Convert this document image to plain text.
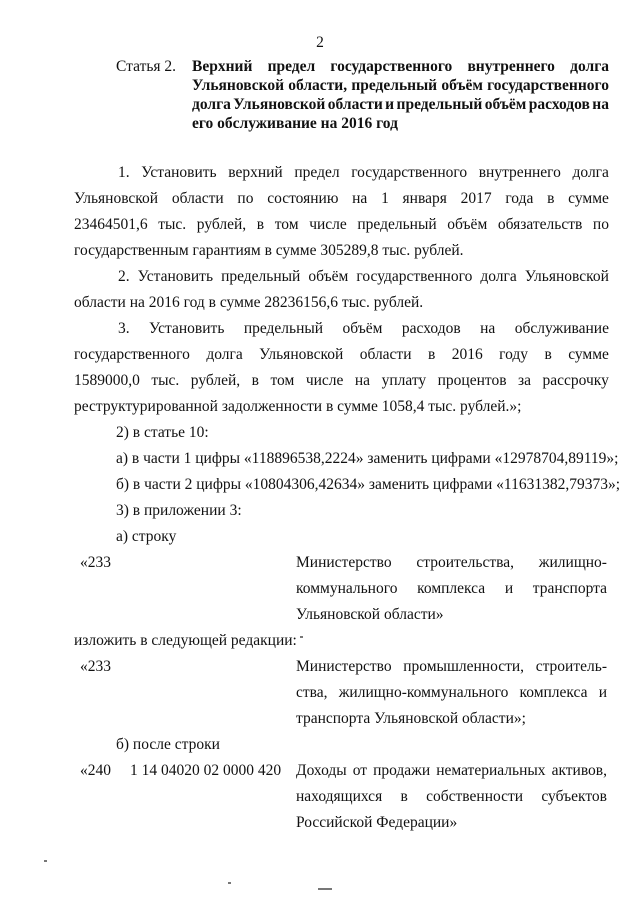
2
Статья 2. Верхний предел государственного внутреннего долга
Ульяновской области, предельный объём государственного
долга Ульяновской области и предельный объём расходов на
его обслуживание на 2016 год
1. Установить верхний предел государственного внутреннего долга
Ульяновской области по состоянию на 1 января 2017 года в сумме
23464501,6 тыс. рублей, в том числе предельный объём обязательств по
государственным гарантиям в сумме 305289,8 тыс. рублей.
2. Установить предельный объём государственного долга Ульяновской
области на 2016 год в сумме 28236156,6 тыс. рублей.
3. Установить предельный объём расходов на обслуживание
государственного долга Ульяновской области в 2016 году в сумме
1589000,0 тыс. рублей, в том числе на уплату процентов за рассрочку
реструктурированной задолженности в сумме 1058,4 тыс. рублей.»;
2) в статье 10:
а) в части 1 цифры «118896538,2224» заменить цифрами «12978704,89119»;
б) в части 2 цифры «10804306,42634» заменить цифрами «11631382,79373»;
3) в приложении 3:
а) строку
«233	Министерство строительства, жилищно-
коммунального комплекса и транспорта
Ульяновской области»
изложить в следующей редакции:
«233	Министерство промышленности, строитель-
ства, жилищно-коммунального комплекса и
транспорта Ульяновской области»;
б) после строки
«240 1 14 04020 02 0000 420 Доходы от продажи нематериальных активов,
находящихся в собственности субъектов
Российской Федерации»
